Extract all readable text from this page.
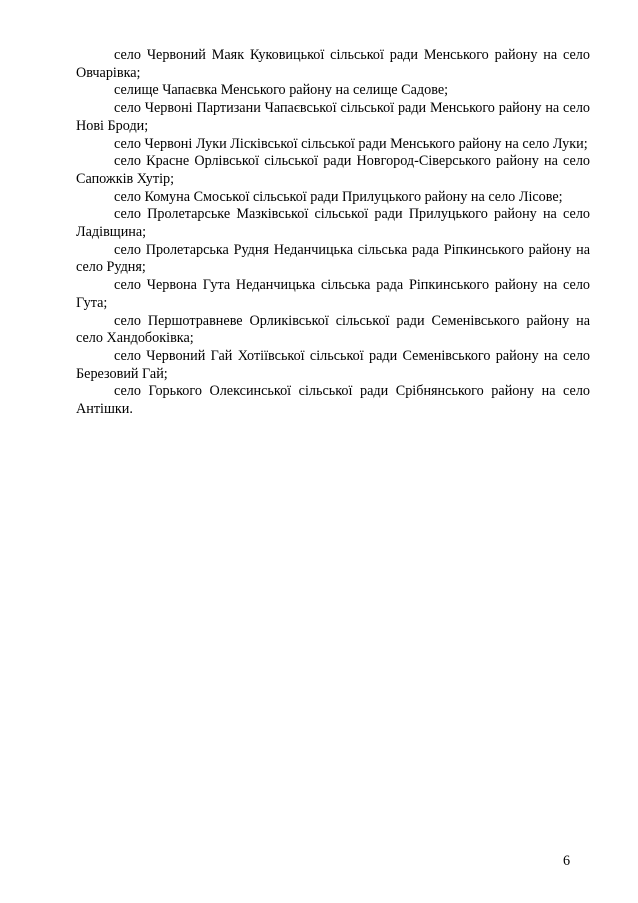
село Червоний Маяк Куковицької сільської ради Менського району на село Овчарівка;

селище Чапаєвка Менського району на селище Садове;

село Червоні Партизани Чапаєвської сільської ради Менського району на село Нові Броди;

село Червоні Луки Лісківської сільської ради Менського району на село Луки;

село Красне Орлівської сільської ради Новгород-Сіверського району на село Сапожків Хутір;

село Комуна Смоської сільської ради Прилуцького району на село Лісове;

село Пролетарське Мазківської сільської ради Прилуцького району на село Ладівщина;

село Пролетарська Рудня Неданчицька сільська рада Ріпкинського району на село Рудня;

село Червона Гута Неданчицька сільська рада Ріпкинського району на село Гута;

село Першотравневе Орликівської сільської ради Семенівського району на село Хандобоківка;

село Червоний Гай Хотіївської сільської ради Семенівського району на село Березовий Гай;

село Горького Олексинської сільської ради Срібнянського району на село Антішки.

6
